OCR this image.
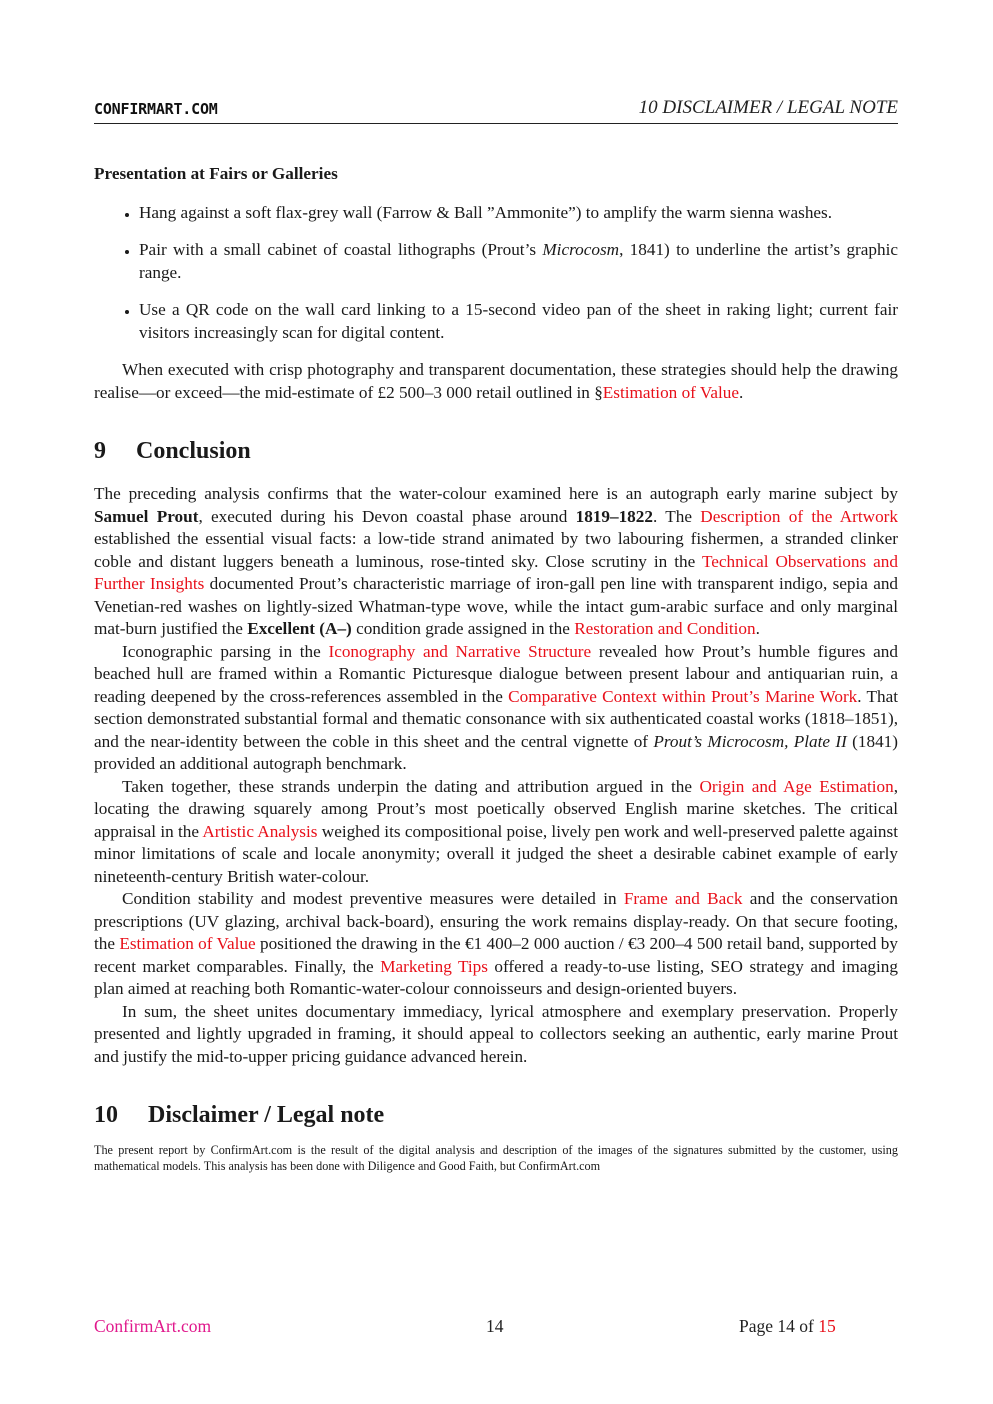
CONFIRMART.COM	10 DISCLAIMER / LEGAL NOTE

Presentation at Fairs or Galleries

• Hang against a soft flax-grey wall (Farrow & Ball ”Ammonite”) to amplify the warm sienna washes.
• Pair with a small cabinet of coastal lithographs (Prout’s Microcosm, 1841) to underline the artist’s graphic range.
• Use a QR code on the wall card linking to a 15-second video pan of the sheet in raking light; current fair visitors increasingly scan for digital content.

When executed with crisp photography and transparent documentation, these strategies should help the drawing realise—or exceed—the mid-estimate of £2 500–3 000 retail outlined in §Estimation of Value.

9 Conclusion

The preceding analysis confirms that the water-colour examined here is an autograph early marine subject by Samuel Prout, executed during his Devon coastal phase around 1819–1822. The Description of the Artwork established the essential visual facts: a low-tide strand animated by two labouring fishermen, a stranded clinker coble and distant luggers beneath a luminous, rose-tinted sky. Close scrutiny in the Technical Observations and Further Insights documented Prout’s characteristic marriage of iron-gall pen line with transparent indigo, sepia and Venetian-red washes on lightly-sized Whatman-type wove, while the intact gum-arabic surface and only marginal mat-burn justified the Excellent (A–) condition grade assigned in the Restoration and Condition.

Iconographic parsing in the Iconography and Narrative Structure revealed how Prout’s humble figures and beached hull are framed within a Romantic Picturesque dialogue between present labour and antiquarian ruin, a reading deepened by the cross-references assembled in the Comparative Context within Prout’s Marine Work. That section demonstrated substantial formal and thematic consonance with six authenticated coastal works (1818–1851), and the near-identity between the coble in this sheet and the central vignette of Prout’s Microcosm, Plate II (1841) provided an additional autograph benchmark.

Taken together, these strands underpin the dating and attribution argued in the Origin and Age Estimation, locating the drawing squarely among Prout’s most poetically observed English marine sketches. The critical appraisal in the Artistic Analysis weighed its compositional poise, lively pen work and well-preserved palette against minor limitations of scale and locale anonymity; overall it judged the sheet a desirable cabinet example of early nineteenth-century British water-colour.

Condition stability and modest preventive measures were detailed in Frame and Back and the conservation prescriptions (UV glazing, archival back-board), ensuring the work remains display-ready. On that secure footing, the Estimation of Value positioned the drawing in the €1 400–2 000 auction / €3 200–4 500 retail band, supported by recent market comparables. Finally, the Marketing Tips offered a ready-to-use listing, SEO strategy and imaging plan aimed at reaching both Romantic-water-colour connoisseurs and design-oriented buyers.

In sum, the sheet unites documentary immediacy, lyrical atmosphere and exemplary preservation. Properly presented and lightly upgraded in framing, it should appeal to collectors seeking an authentic, early marine Prout and justify the mid-to-upper pricing guidance advanced herein.

10 Disclaimer / Legal note

The present report by ConfirmArt.com is the result of the digital analysis and description of the images of the signatures submitted by the customer, using mathematical models. This analysis has been done with Diligence and Good Faith, but ConfirmArt.com

ConfirmArt.com	14	Page 14 of 15
